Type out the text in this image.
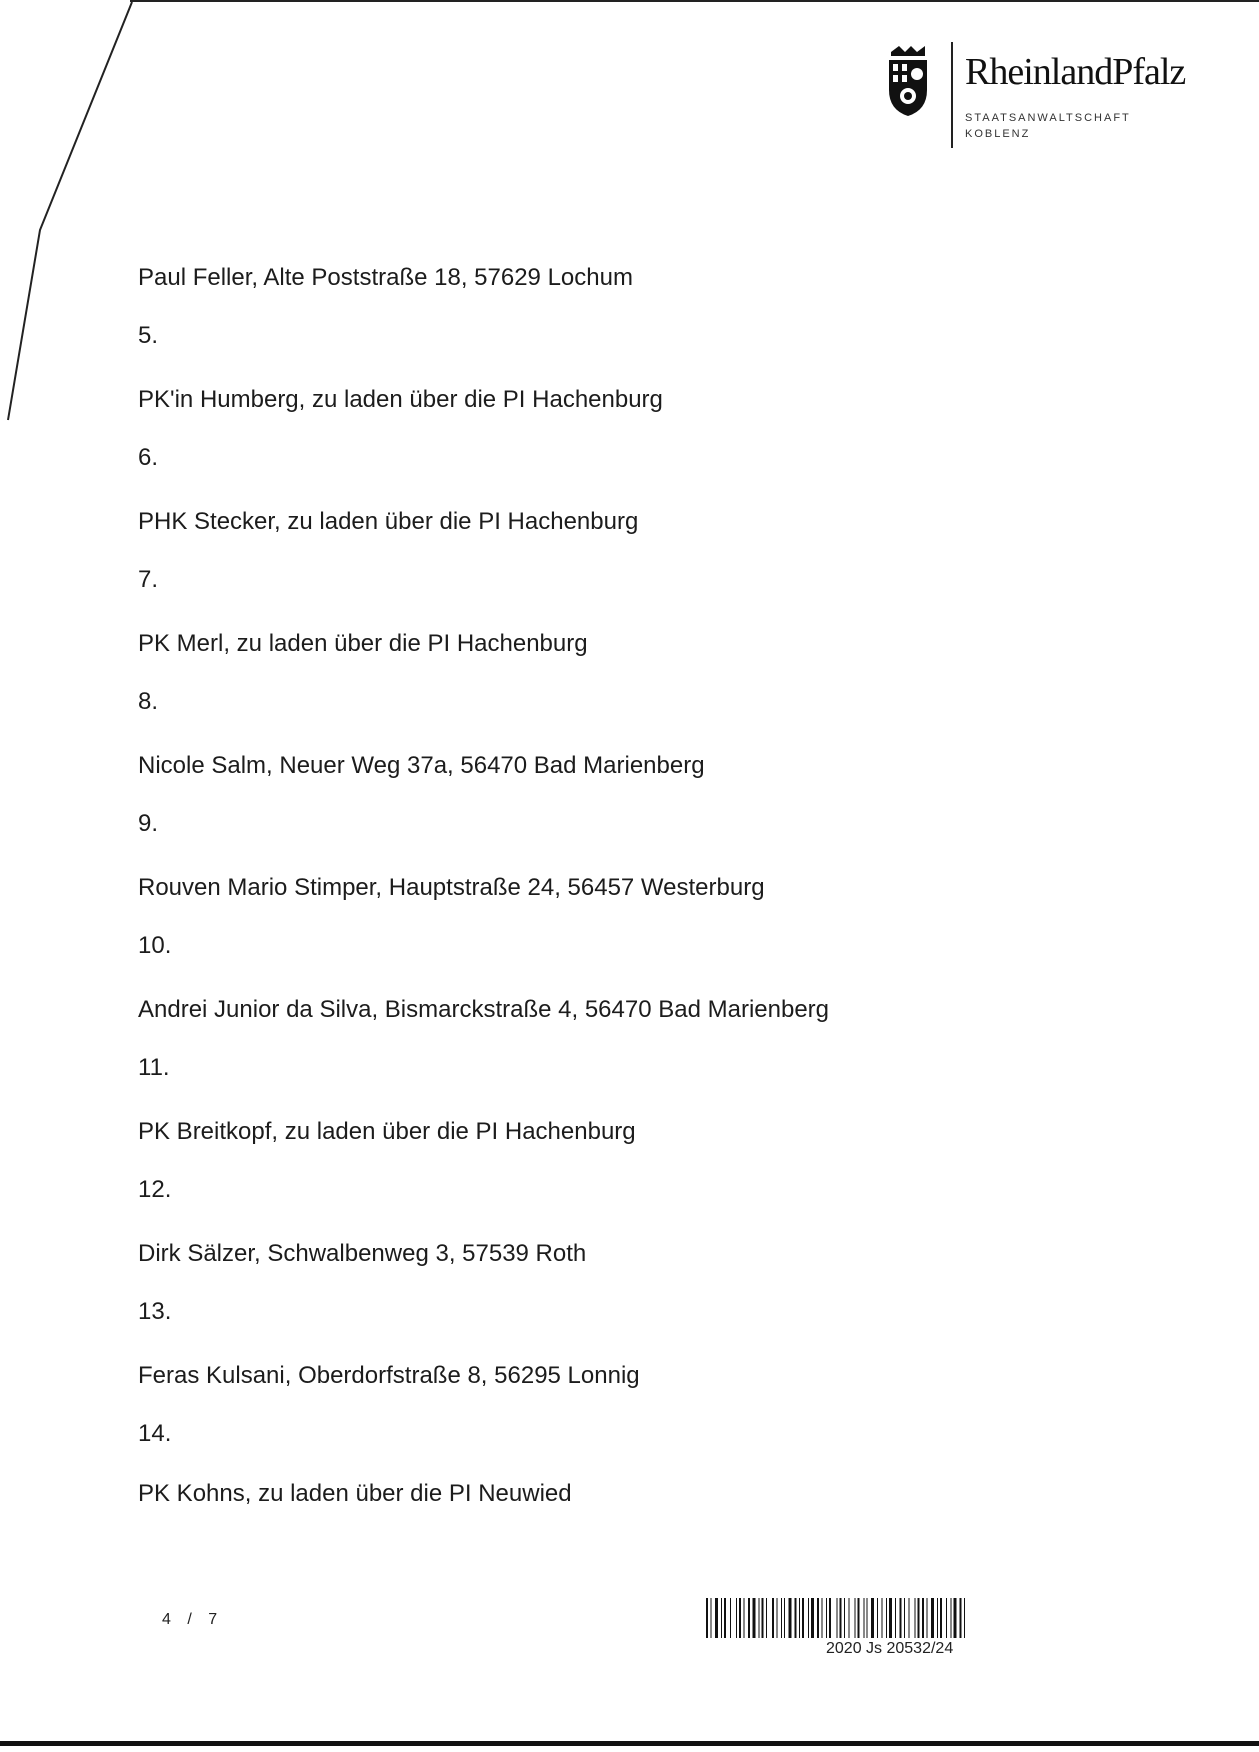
RheinlandPfalz
STAATSANWALTSCHAFT
KOBLENZ
Paul Feller, Alte Poststraße 18, 57629 Lochum
5.
PK'in Humberg, zu laden über die PI Hachenburg
6.
PHK Stecker, zu laden über die PI Hachenburg
7.
PK Merl, zu laden über die PI Hachenburg
8.
Nicole Salm, Neuer Weg 37a, 56470 Bad Marienberg
9.
Rouven Mario Stimper, Hauptstraße 24, 56457 Westerburg
10.
Andrei Junior da Silva, Bismarckstraße 4, 56470 Bad Marienberg
11.
PK Breitkopf, zu laden über die PI Hachenburg
12.
Dirk Sälzer, Schwalbenweg 3, 57539 Roth
13.
Feras Kulsani, Oberdorfstraße 8, 56295 Lonnig
14.
PK Kohns, zu laden über die PI Neuwied
4 / 7
2020 Js 20532/24
